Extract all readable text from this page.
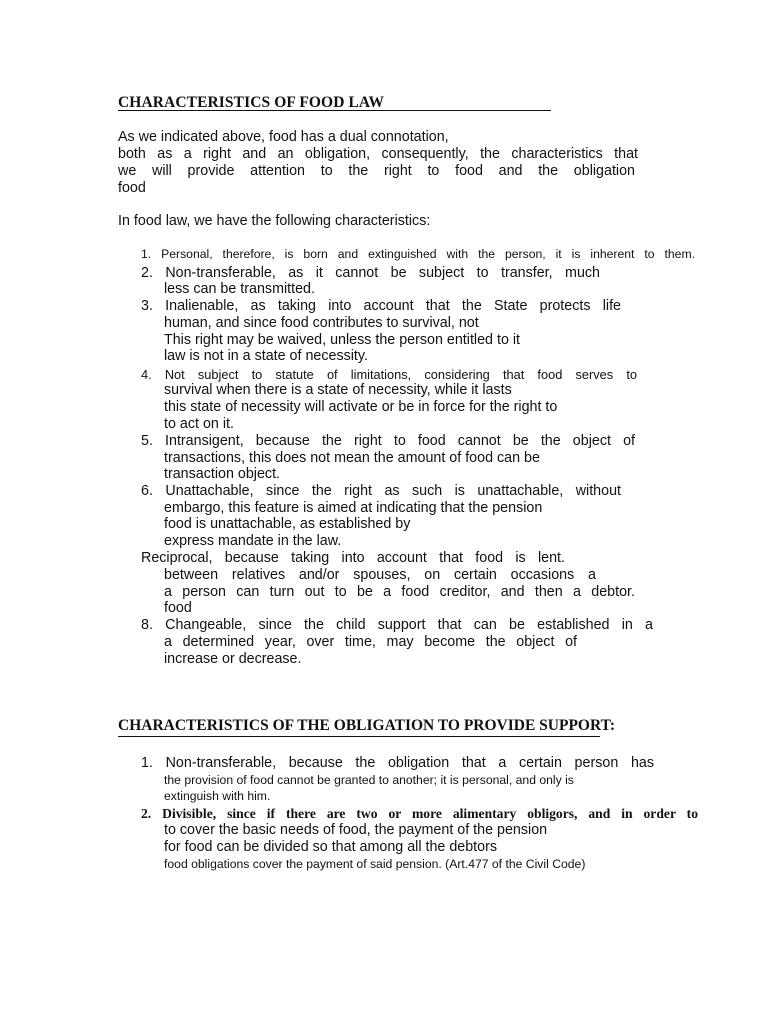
CHARACTERISTICS OF FOOD LAW
As we indicated above, food has a dual connotation,
both as a right and an obligation, consequently, the characteristics that
we will provide attention to the right to food and the obligation
food
In food law, we have the following characteristics:
1. Personal, therefore, is born and extinguished with the person, it is inherent to them.
2. Non-transferable, as it cannot be subject to transfer, much
less can be transmitted.
3. Inalienable, as taking into account that the State protects life
human, and since food contributes to survival, not
This right may be waived, unless the person entitled to it
law is not in a state of necessity.
4. Not subject to statute of limitations, considering that food serves to
survival when there is a state of necessity, while it lasts
this state of necessity will activate or be in force for the right to
to act on it.
5. Intransigent, because the right to food cannot be the object of
transactions, this does not mean the amount of food can be
transaction object.
6. Unattachable, since the right as such is unattachable, without
embargo, this feature is aimed at indicating that the pension
food is unattachable, as established by
express mandate in the law.
Reciprocal, because taking into account that food is lent.
between relatives and/or spouses, on certain occasions a
a person can turn out to be a food creditor, and then a debtor.
food
8. Changeable, since the child support that can be established in a
a determined year, over time, may become the object of
increase or decrease.
CHARACTERISTICS OF THE OBLIGATION TO PROVIDE SUPPORT:
1. Non-transferable, because the obligation that a certain person has
the provision of food cannot be granted to another; it is personal, and only is
extinguish with him.
2. Divisible, since if there are two or more alimentary obligors, and in order to
to cover the basic needs of food, the payment of the pension
for food can be divided so that among all the debtors
food obligations cover the payment of said pension. (Art.477 of the Civil Code)
